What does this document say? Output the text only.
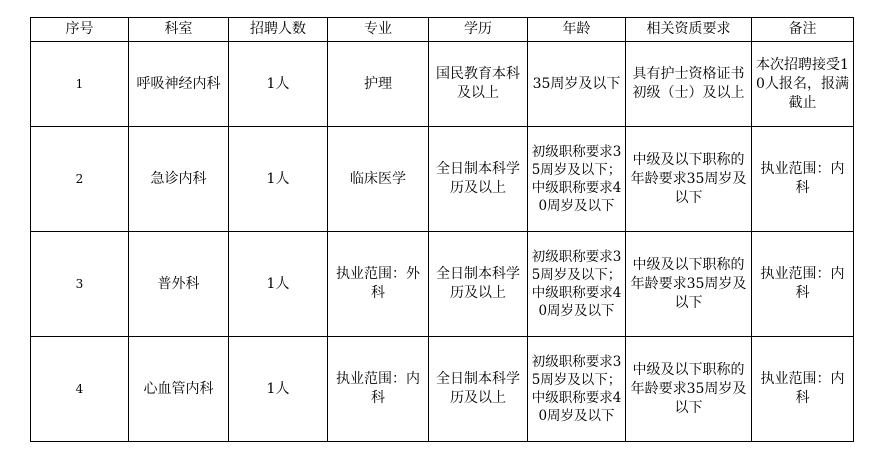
序号	科室	招聘人数	专业	学历	年龄	相关资质要求	备注
1	呼吸神经内科	1人	护理	国民教育本科及以上	35周岁及以下	具有护士资格证书初级（士）及以上	本次招聘接受10人报名，报满截止
2	急诊内科	1人	临床医学	全日制本科学历及以上	初级职称要求35周岁及以下；中级职称要求40周岁及以下	中级及以下职称的年龄要求35周岁及以下	执业范围：内科
3	普外科	1人	执业范围：外科	全日制本科学历及以上	初级职称要求35周岁及以下；中级职称要求40周岁及以下	中级及以下职称的年龄要求35周岁及以下	执业范围：内科
4	心血管内科	1人	执业范围：内科	全日制本科学历及以上	初级职称要求35周岁及以下；中级职称要求40周岁及以下	中级及以下职称的年龄要求35周岁及以下	执业范围：内科
